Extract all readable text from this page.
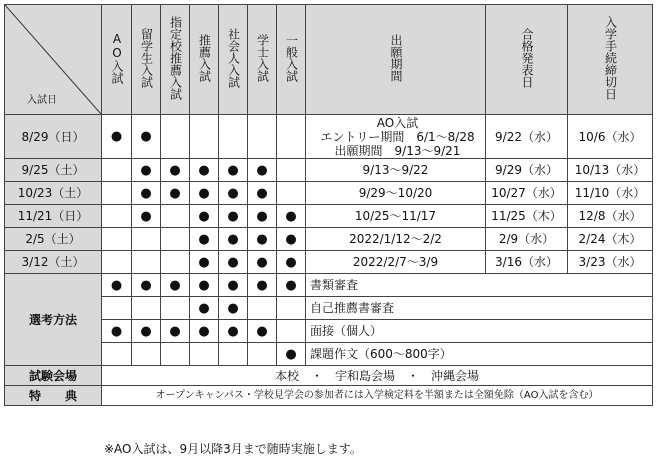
入試日	AO入試	留学生入試	指定校推薦入試	推薦入試	社会人入試	学士入試	一般入試	出願期間	合格発表日	入学手続締切日
8/29（日）	●	●						AO入試
エントリー期間　6/1～8/28
出願期間　9/13～9/21	9/22（水）	10/6（水）
9/25（土）		●	●	●	●	●		9/13～9/22	9/29（水）	10/13（水）
10/23（土）		●	●	●	●	●		9/29～10/20	10/27（水）	11/10（水）
11/21（日）		●		●	●	●	●	10/25～11/17	11/25（木）	12/8（水）
2/5（土）				●	●	●	●	2022/1/12～2/2	2/9（水）	2/24（木）
3/12（土）				●	●	●	●	2022/2/7～3/9	3/16（水）	3/23（水）
選考方法	●	●	●	●	●	●	●	書類審査		
				●	●			自己推薦書審査		
	●	●	●	●	●	●		面接（個人）		
							●	課題作文（600～800字）		
試験会場	本校　・　宇和島会場　・　沖縄会場									
特　　典	オープンキャンパス・学校見学会の参加者には入学検定料を半額または全額免除（AO入試を含む）									
※AO入試は、9月以降3月まで随時実施します。
